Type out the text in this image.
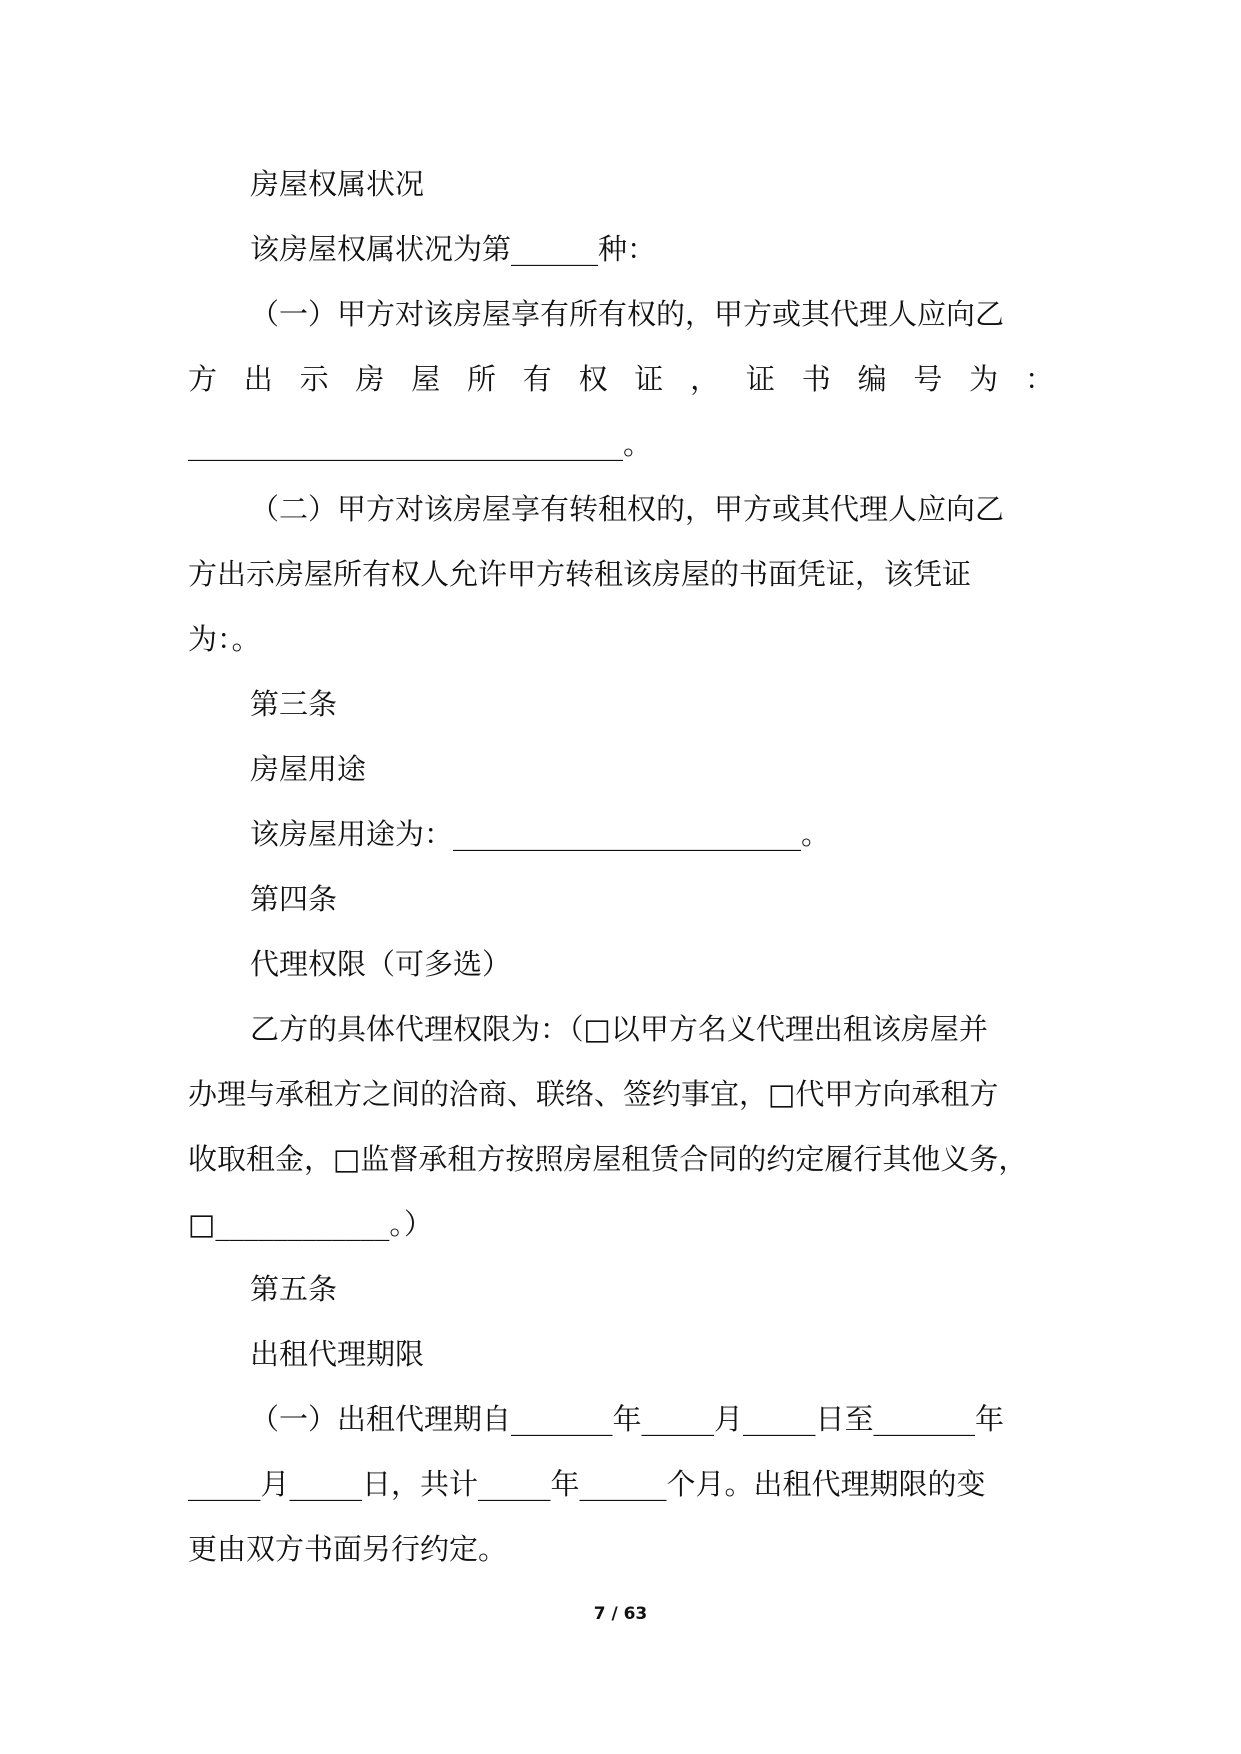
房屋权属状况
该房屋权属状况为第______种：
（一）甲方对该房屋享有所有权的，甲方或其代理人应向乙
方 出 示 房 屋 所 有 权 证 ， 证 书 编 号 为 ：
______________________________。
（二）甲方对该房屋享有转租权的，甲方或其代理人应向乙
方出示房屋所有权人允许甲方转租该房屋的书面凭证，该凭证
为：。
第三条
房屋用途
该房屋用途为：________________________。
第四条
代理权限（可多选）
乙方的具体代理权限为：（□以甲方名义代理出租该房屋并
办理与承租方之间的洽商、联络、签约事宜，□代甲方向承租方
收取租金，□监督承租方按照房屋租赁合同的约定履行其他义务，
□____________。）
第五条
出租代理期限
（一）出租代理期自_______年_____月_____日至_______年
_____月_____日，共计_____年______个月。出租代理期限的变
更由双方书面另行约定。
7 / 63
